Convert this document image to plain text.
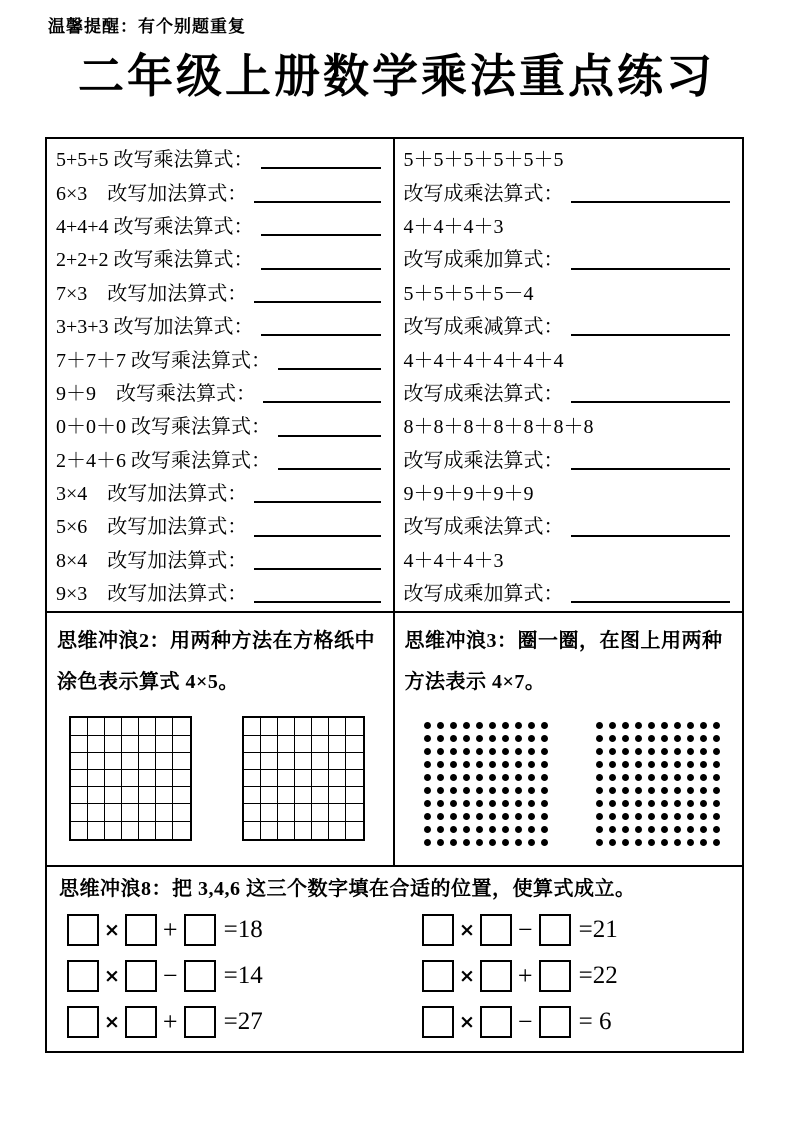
温馨提醒：有个别题重复
二年级上册数学乘法重点练习
5+5+5 改写乘法算式：
6×3　改写加法算式：
4+4+4 改写乘法算式：
2+2+2 改写乘法算式：
7×3　改写加法算式：
3+3+3 改写加法算式：
7＋7＋7 改写乘法算式：
9＋9　改写乘法算式：
0＋0＋0 改写乘法算式：
2＋4＋6 改写乘法算式：
3×4　改写加法算式：
5×6　改写加法算式：
8×4　改写加法算式：
9×3　改写加法算式：
5＋5＋5＋5＋5＋5
改写成乘法算式：
4＋4＋4＋3
改写成乘加算式：
5＋5＋5＋5－4
改写成乘减算式：
4＋4＋4＋4＋4＋4
改写成乘法算式：
8＋8＋8＋8＋8＋8＋8
改写成乘法算式：
9＋9＋9＋9＋9
改写成乘法算式：
4＋4＋4＋3
改写成乘加算式：
思维冲浪2：用两种方法在方格纸中涂色表示算式 4×5。
思维冲浪3：圈一圈，在图上用两种方法表示 4×7。
思维冲浪8：把 3,4,6 这三个数字填在合适的位置，使算式成立。
× + =18
× − =14
× + =27
× − =21
× + =22
× − = 6
